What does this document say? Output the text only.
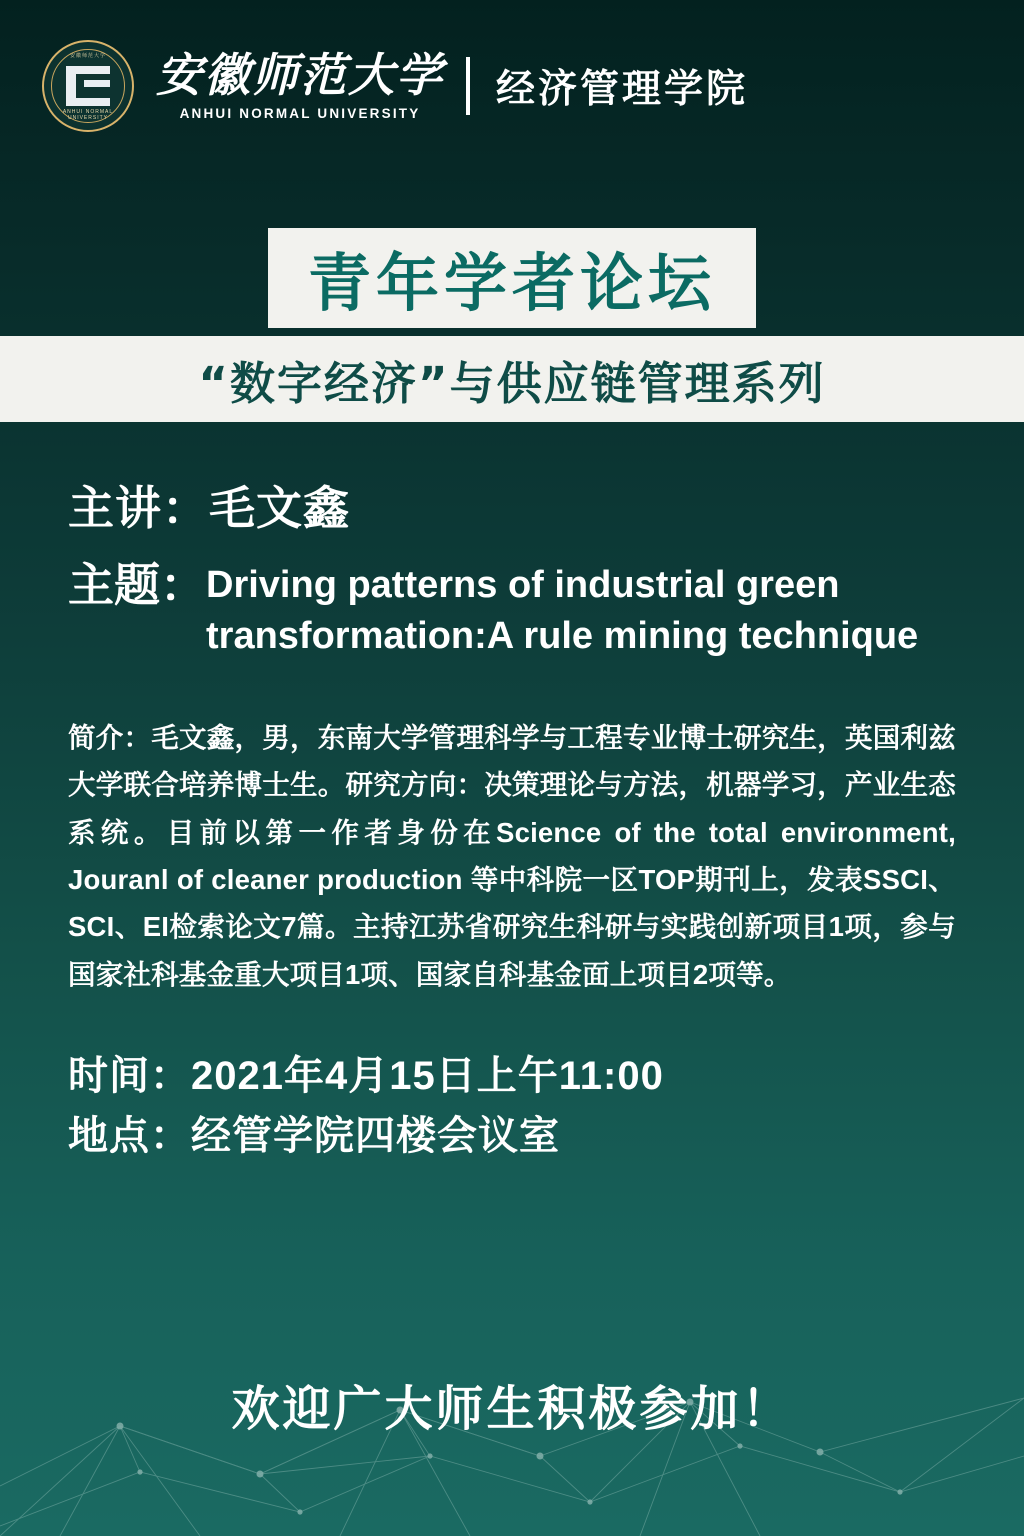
安徽师范大学
ANHUI NORMAL UNIVERSITY
安徽师范大学
ANHUI NORMAL UNIVERSITY
经济管理学院
青年学者论坛
“数字经济”与供应链管理系列
主讲：毛文鑫
主题： Driving patterns of industrial green
transformation:A rule mining technique
简介：毛文鑫，男，东南大学管理科学与工程专业博士研究生，英国利兹大学联合培养博士生。研究方向：决策理论与方法，机器学习，产业生态系统。目前以第一作者身份在Science of the total environment, Jouranl of cleaner production 等中科院一区TOP期刊上，发表SSCI、SCI、EI检索论文7篇。主持江苏省研究生科研与实践创新项目1项，参与国家社科基金重大项目1项、国家自科基金面上项目2项等。
时间：2021年4月15日上午11:00
地点：经管学院四楼会议室
欢迎广大师生积极参加！
